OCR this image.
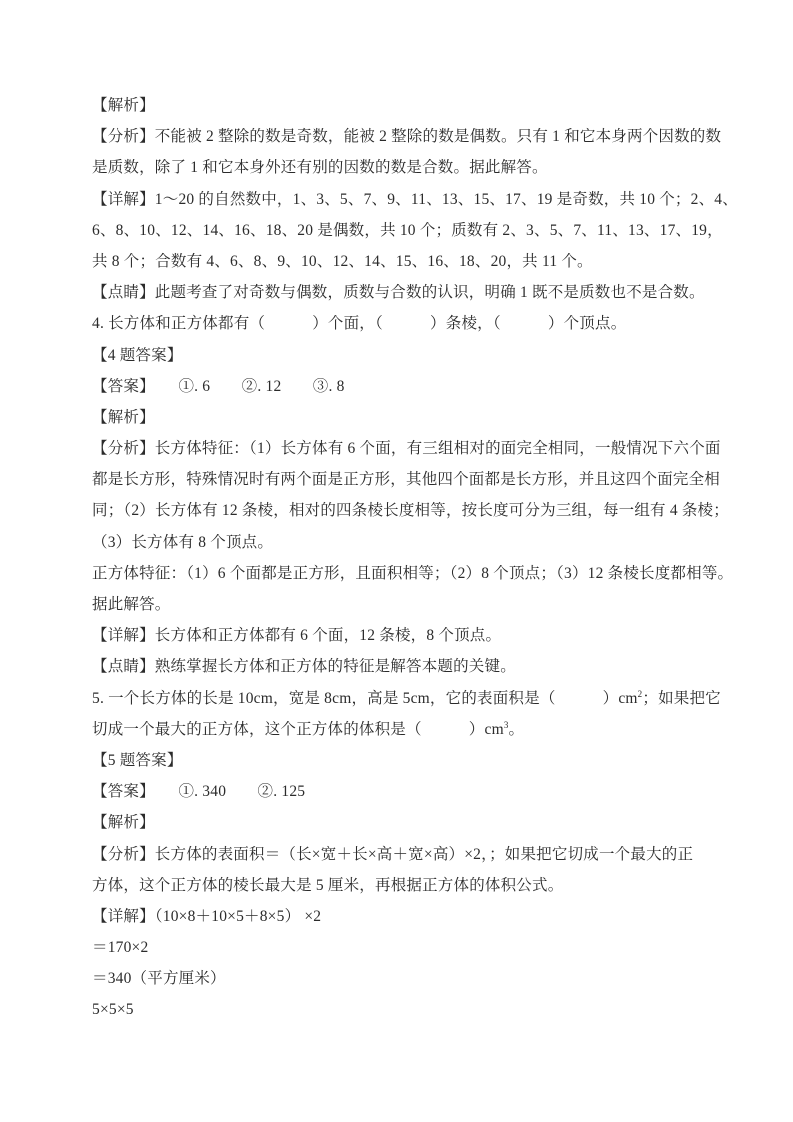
【解析】
【分析】不能被 2 整除的数是奇数，能被 2 整除的数是偶数。只有 1 和它本身两个因数的数
是质数，除了 1 和它本身外还有别的因数的数是合数。据此解答。
【详解】1～20 的自然数中，1、3、5、7、9、11、13、15、17、19 是奇数，共 10 个；2、4、
6、8、10、12、14、16、18、20 是偶数，共 10 个；质数有 2、3、5、7、11、13、17、19，
共 8 个；合数有 4、6、8、9、10、12、14、15、16、18、20，共 11 个。
【点睛】此题考查了对奇数与偶数，质数与合数的认识，明确 1 既不是质数也不是合数。
4. 长方体和正方体都有（　　　）个面，（　　　）条棱，（　　　）个顶点。
【4 题答案】
【答案】　　①. 6　　②. 12　　③. 8
【解析】
【分析】长方体特征：（1）长方体有 6 个面，有三组相对的面完全相同，一般情况下六个面
都是长方形，特殊情况时有两个面是正方形，其他四个面都是长方形，并且这四个面完全相
同；（2）长方体有 12 条棱，相对的四条棱长度相等，按长度可分为三组，每一组有 4 条棱；
（3）长方体有 8 个顶点。
正方体特征：（1）6 个面都是正方形，且面积相等；（2）8 个顶点；（3）12 条棱长度都相等。
据此解答。
【详解】长方体和正方体都有 6 个面，12 条棱，8 个顶点。
【点睛】熟练掌握长方体和正方体的特征是解答本题的关键。
5. 一个长方体的长是 10cm，宽是 8cm，高是 5cm，它的表面积是（　　　）$cm^2$；如果把它
切成一个最大的正方体，这个正方体的体积是（　　　）$cm^3$。
【5 题答案】
【答案】　　①. 340　　②. 125
【解析】
【分析】长方体的表面积＝（长×宽＋长×高＋宽×高）×2，；如果把它切成一个最大的正
方体，这个正方体的棱长最大是 5 厘米，再根据正方体的体积公式。
【详解】（10×8＋10×5＋8×5） ×2
＝170×2
＝340（平方厘米）
5×5×5
